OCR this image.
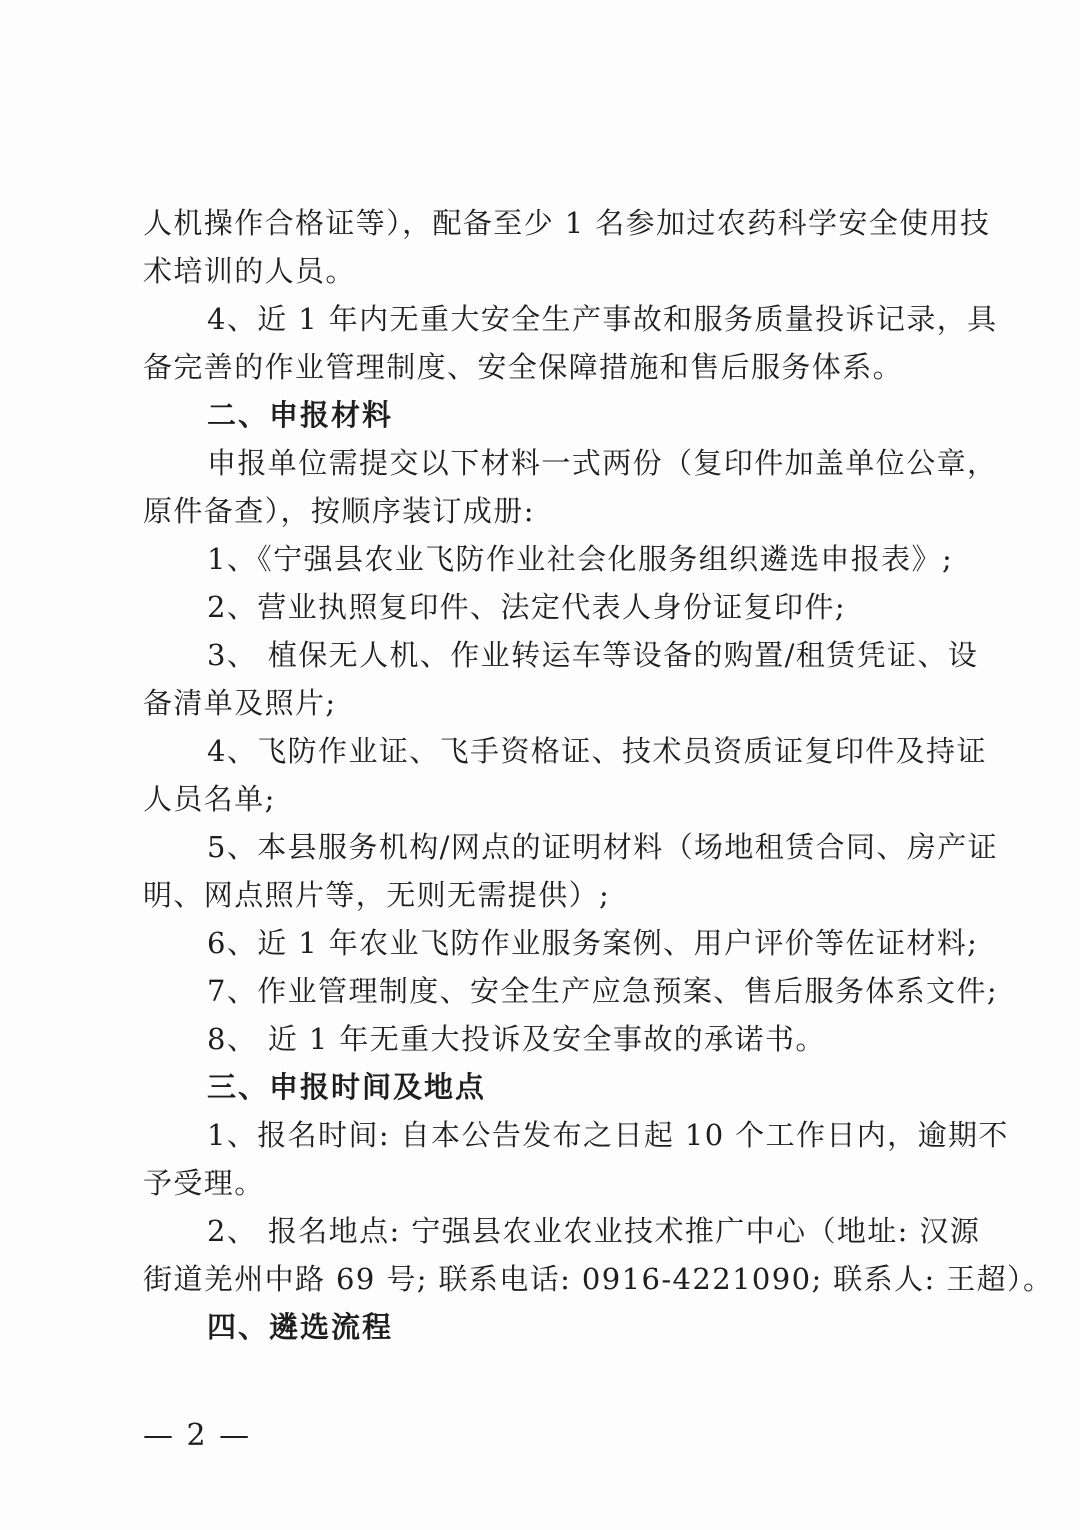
人机操作合格证等），配备至少 1 名参加过农药科学安全使用技
术培训的人员。
4、近 1 年内无重大安全生产事故和服务质量投诉记录，具
备完善的作业管理制度、安全保障措施和售后服务体系。
二、申报材料
申报单位需提交以下材料一式两份（复印件加盖单位公章，
原件备查），按顺序装订成册:
1、《宁强县农业飞防作业社会化服务组织遴选申报表》;
2、营业执照复印件、法定代表人身份证复印件;
3、 植保无人机、作业转运车等设备的购置/租赁凭证、设
备清单及照片;
4、飞防作业证、飞手资格证、技术员资质证复印件及持证
人员名单;
5、本县服务机构/网点的证明材料（场地租赁合同、房产证
明、网点照片等，无则无需提供）;
6、近 1 年农业飞防作业服务案例、用户评价等佐证材料;
7、作业管理制度、安全生产应急预案、售后服务体系文件;
8、 近 1 年无重大投诉及安全事故的承诺书。
三、申报时间及地点
1、报名时间: 自本公告发布之日起 10 个工作日内，逾期不
予受理。
2、 报名地点: 宁强县农业农业技术推广中心（地址: 汉源
街道羌州中路 69 号; 联系电话: 0916-4221090; 联系人: 王超）。
四、遴选流程
— 2 —
